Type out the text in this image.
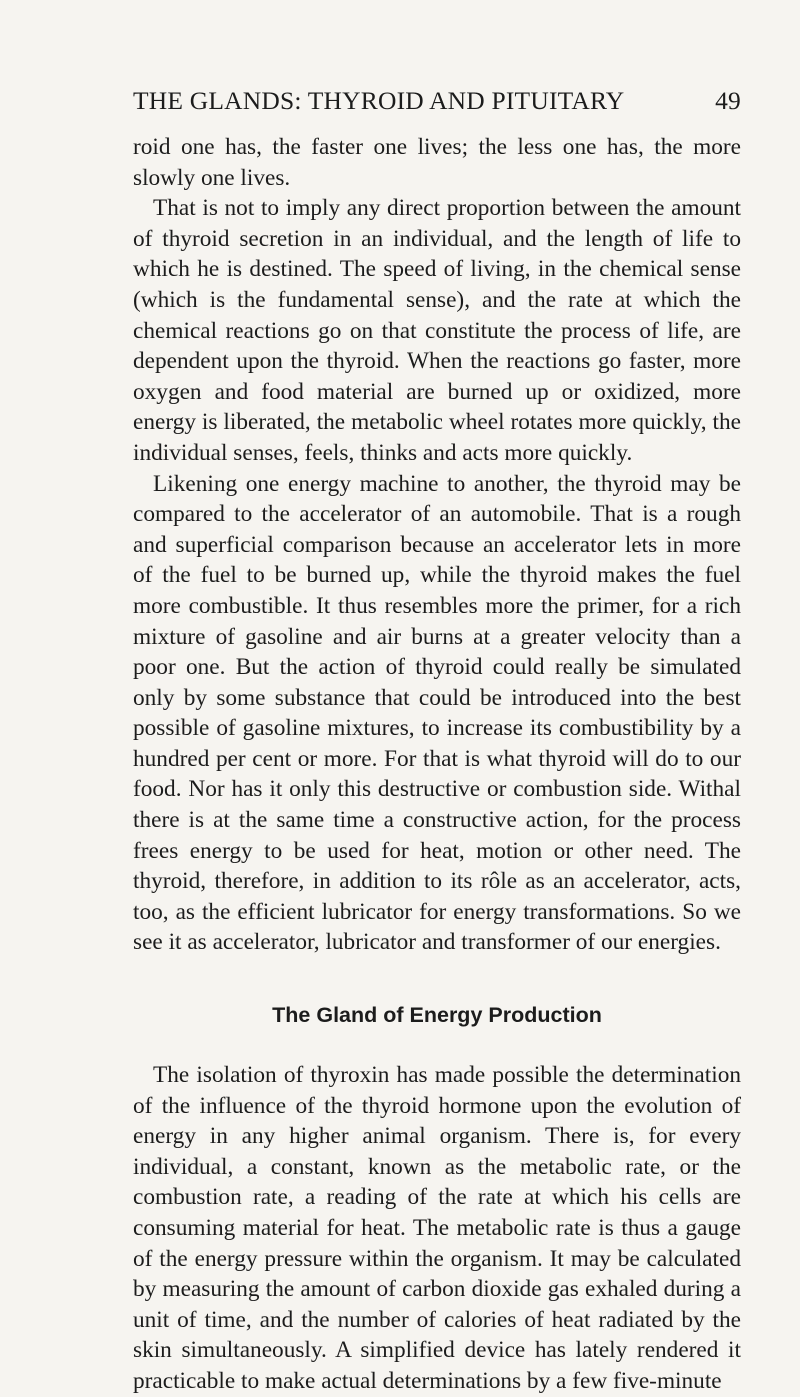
THE GLANDS: THYROID AND PITUITARY	49

roid one has, the faster one lives; the less one has, the more slowly one lives.

That is not to imply any direct proportion between the amount of thyroid secretion in an individual, and the length of life to which he is destined. The speed of living, in the chemical sense (which is the fundamental sense), and the rate at which the chemical reactions go on that constitute the process of life, are dependent upon the thyroid. When the reactions go faster, more oxygen and food material are burned up or oxidized, more energy is liberated, the metabolic wheel rotates more quickly, the individual senses, feels, thinks and acts more quickly.

Likening one energy machine to another, the thyroid may be compared to the accelerator of an automobile. That is a rough and superficial comparison because an accelerator lets in more of the fuel to be burned up, while the thyroid makes the fuel more combustible. It thus resembles more the primer, for a rich mixture of gasoline and air burns at a greater velocity than a poor one. But the action of thyroid could really be simulated only by some substance that could be introduced into the best possible of gasoline mixtures, to increase its combustibility by a hundred per cent or more. For that is what thyroid will do to our food. Nor has it only this destructive or combustion side. Withal there is at the same time a constructive action, for the process frees energy to be used for heat, motion or other need. The thyroid, therefore, in addition to its rôle as an accelerator, acts, too, as the efficient lubricator for energy transformations. So we see it as accelerator, lubricator and transformer of our energies.

The Gland of Energy Production

The isolation of thyroxin has made possible the determination of the influence of the thyroid hormone upon the evolution of energy in any higher animal organism. There is, for every individual, a constant, known as the metabolic rate, or the combustion rate, a reading of the rate at which his cells are consuming material for heat. The metabolic rate is thus a gauge of the energy pressure within the organism. It may be calculated by measuring the amount of carbon dioxide gas exhaled during a unit of time, and the number of calories of heat radiated by the skin simultaneously. A simplified device has lately rendered it practicable to make actual determinations by a few five-minute
